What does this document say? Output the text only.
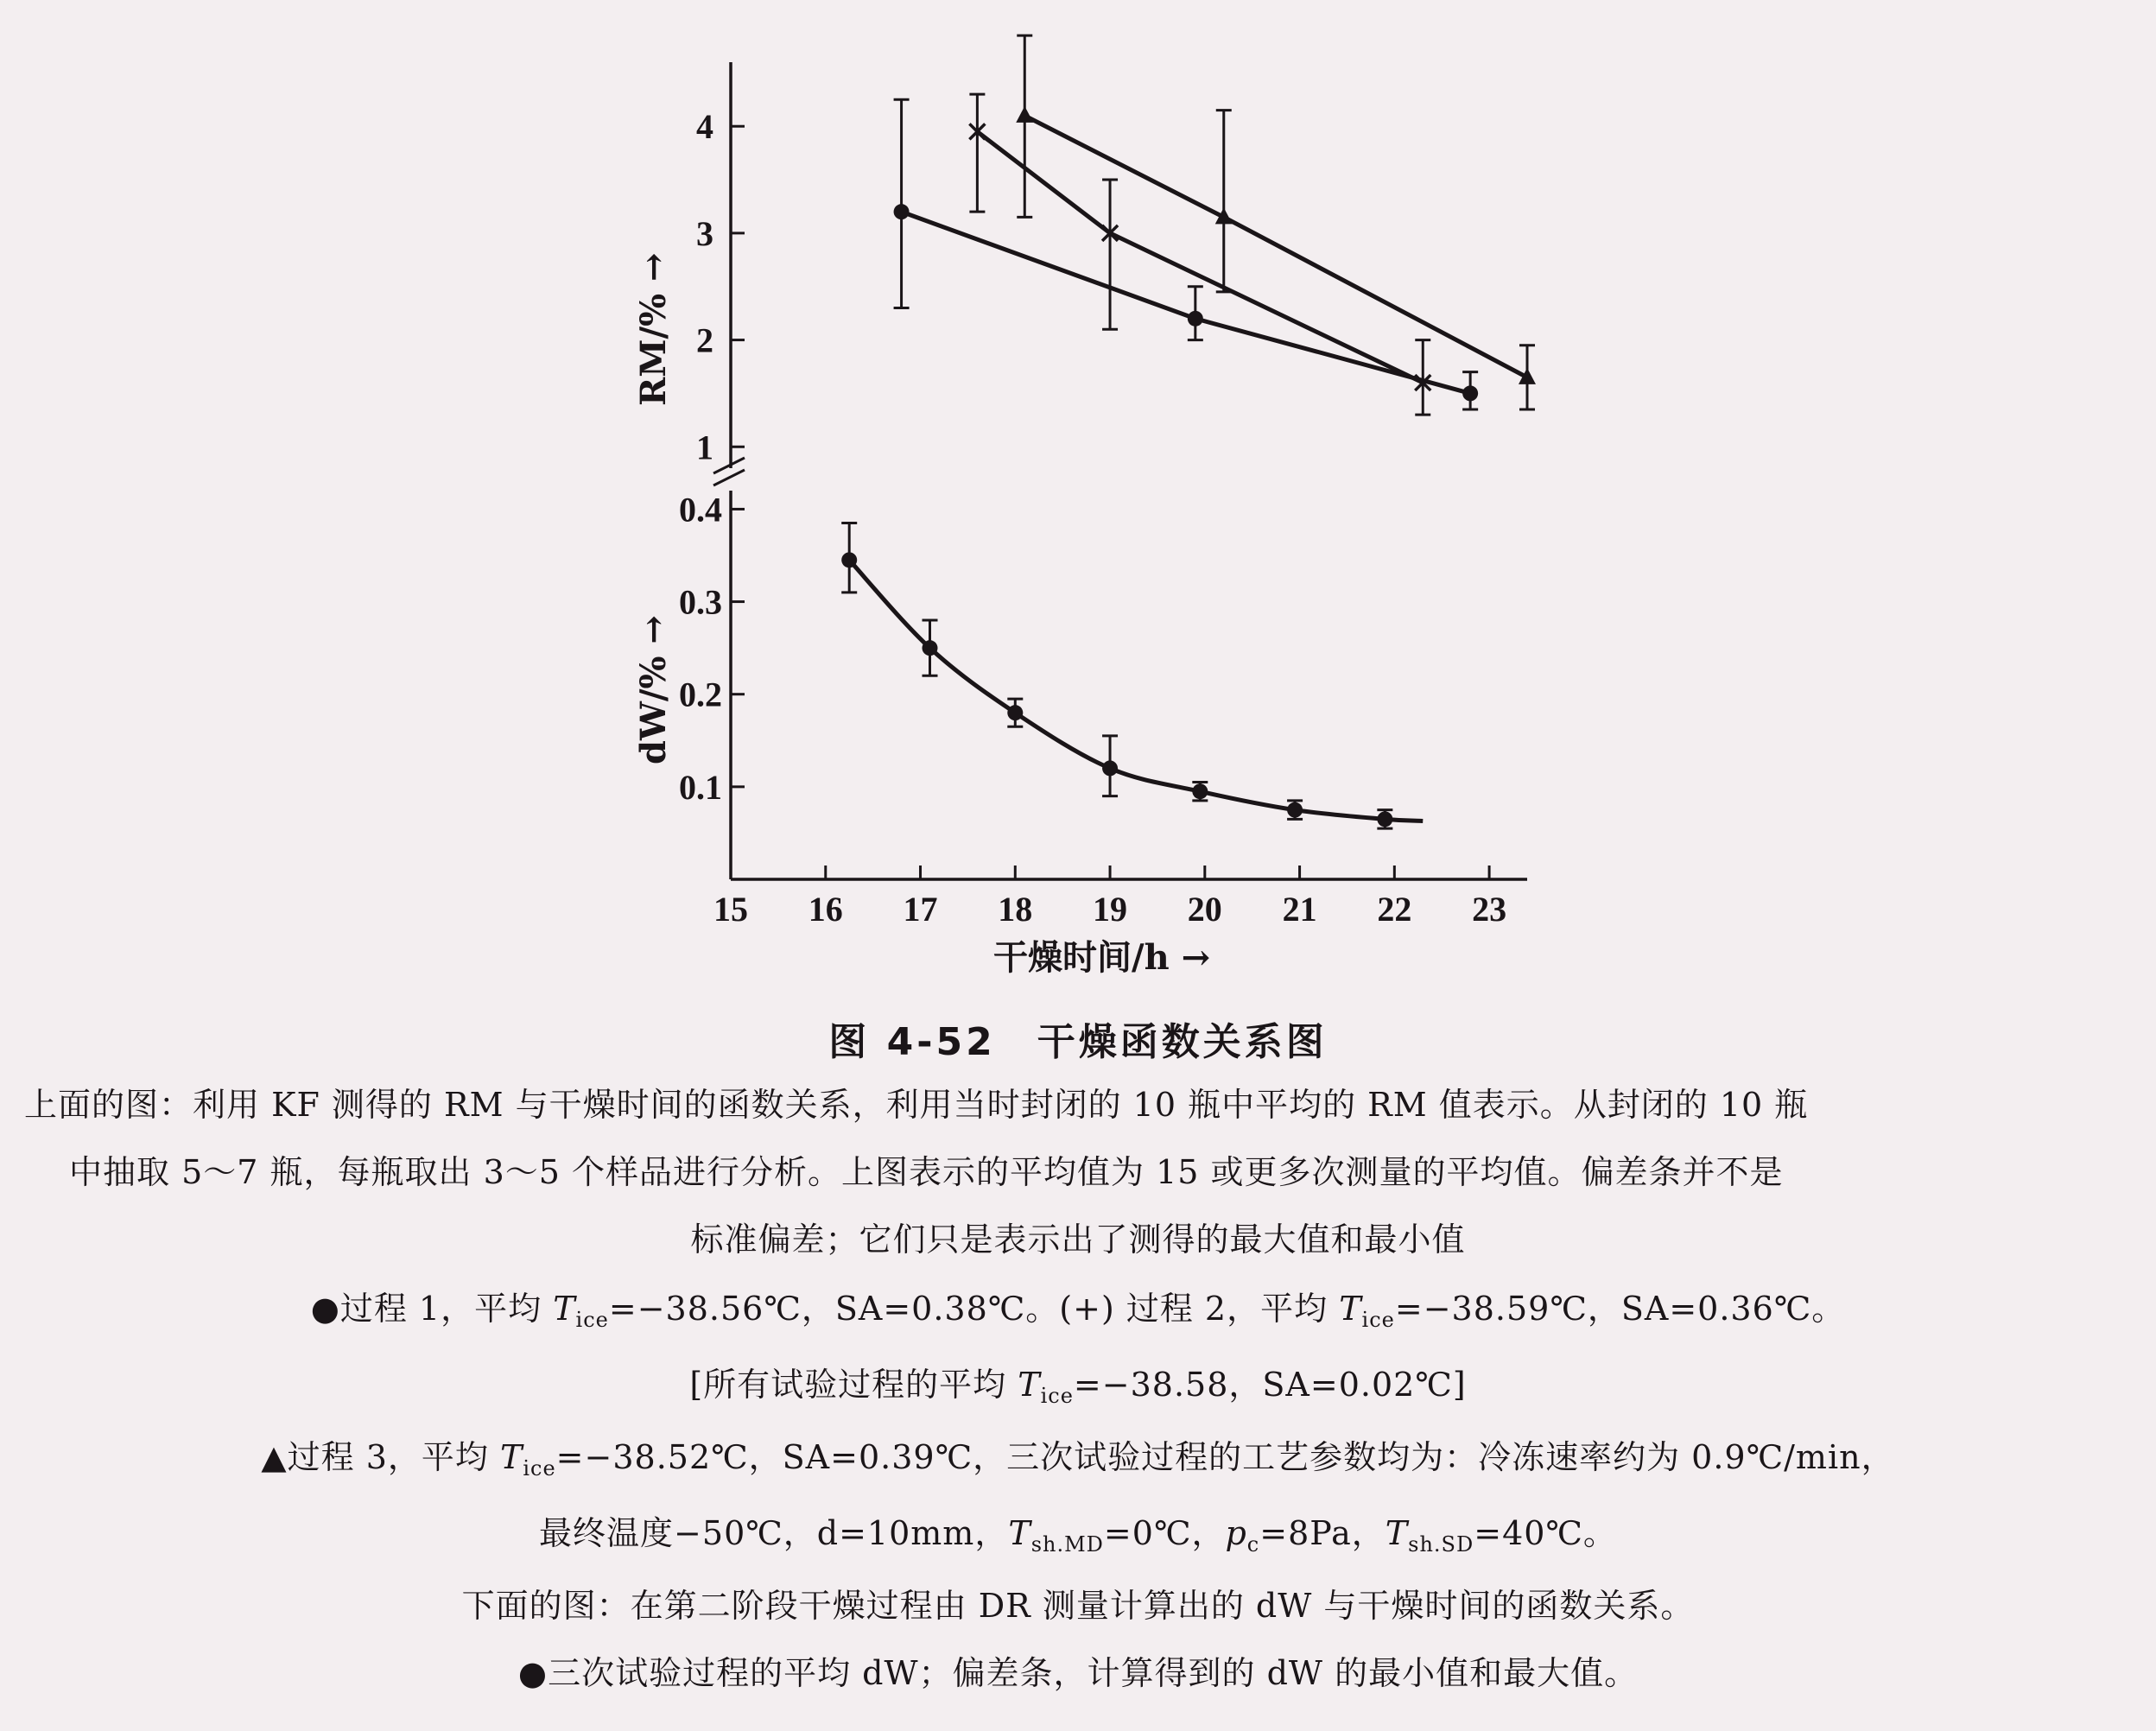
1
2
3
4
0.1
0.2
0.3
0.4
15 16 17 18 19 20 21 22 23
RM/% →
dW/% →
干燥时间/h →
图 4-52　干燥函数关系图
上面的图：利用 KF 测得的 RM 与干燥时间的函数关系，利用当时封闭的 10 瓶中平均的 RM 值表示。从封闭的 10 瓶
中抽取 5～7 瓶，每瓶取出 3～5 个样品进行分析。上图表示的平均值为 15 或更多次测量的平均值。偏差条并不是
标准偏差；它们只是表示出了测得的最大值和最小值
●过程 1，平均 $T_{ice}=-38.56℃$，SA=0.38℃。(+) 过程 2，平均 $T_{ice}=-38.59℃$，SA=0.36℃。
[所有试验过程的平均 $T_{ice}=-38.58$，SA=0.02℃]
▲过程 3，平均 $T_{ice}=-38.52℃$，SA=0.39℃，三次试验过程的工艺参数均为：冷冻速率约为 0.9℃/min，
最终温度−50℃，d=10mm，$T_{sh.MD}=0℃$，$p_c=8Pa$，$T_{sh.SD}=40℃$。
下面的图：在第二阶段干燥过程由 DR 测量计算出的 dW 与干燥时间的函数关系。
●三次试验过程的平均 dW；偏差条，计算得到的 dW 的最小值和最大值。
